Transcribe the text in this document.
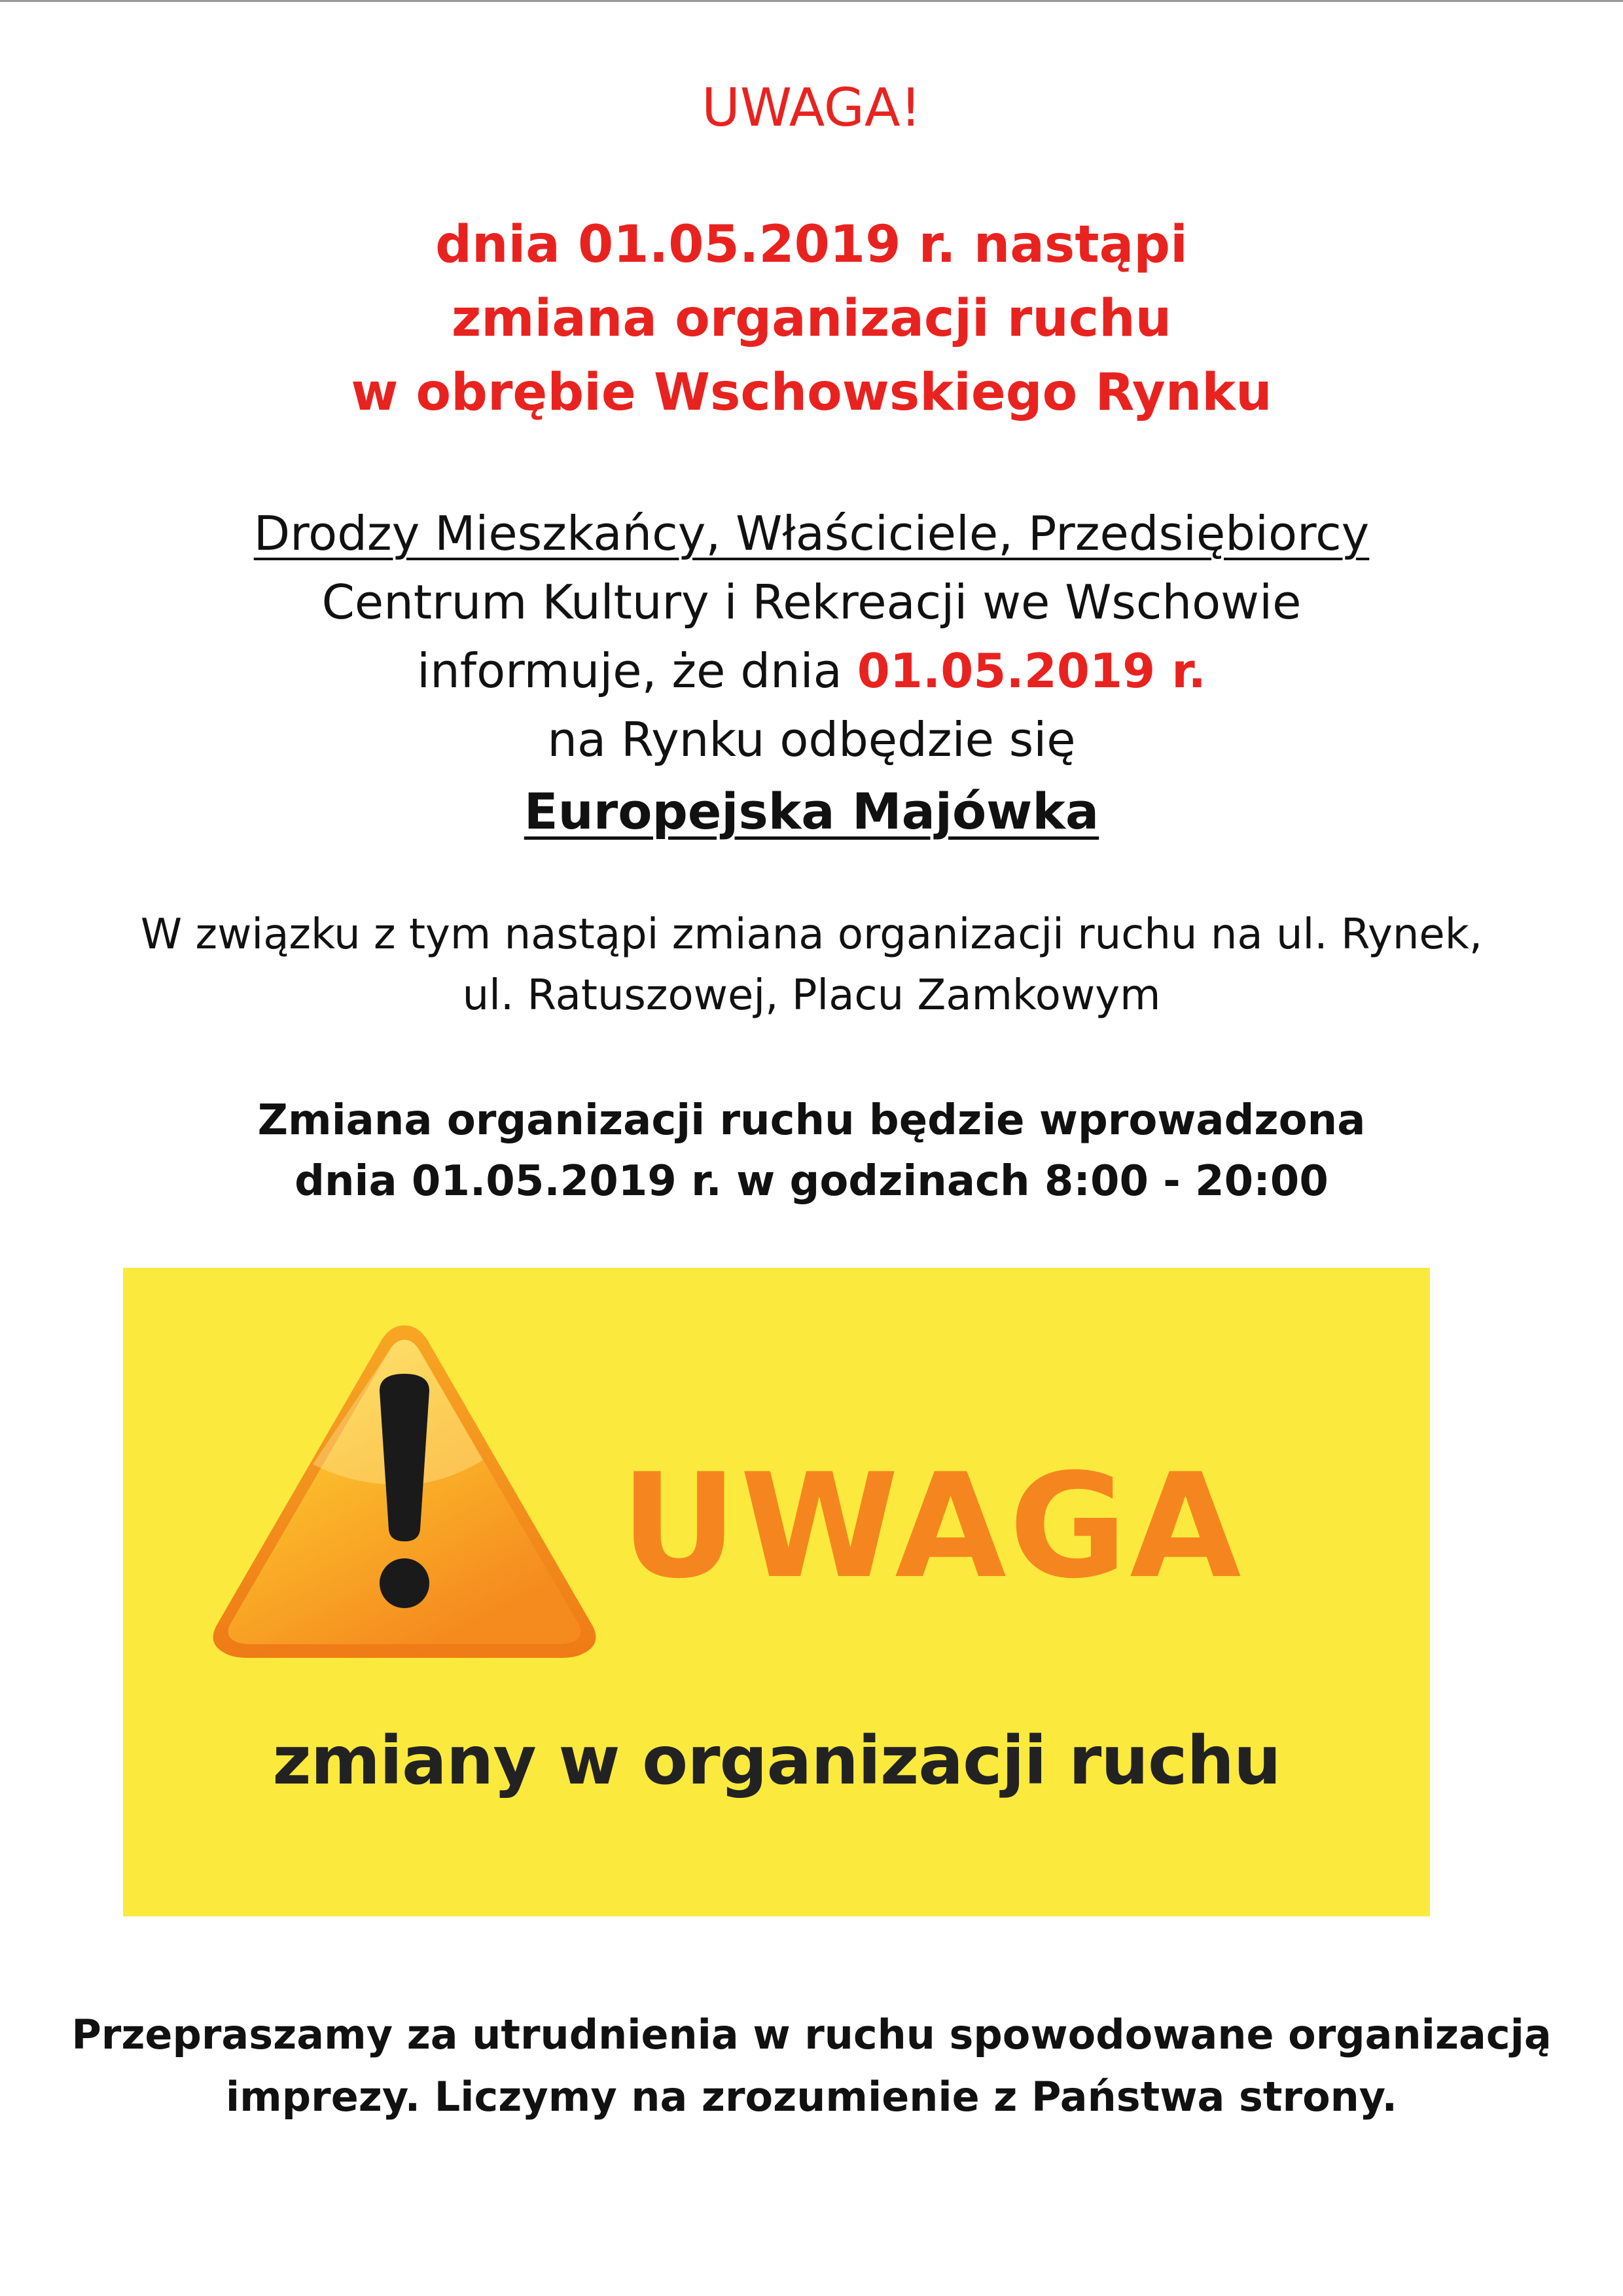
UWAGA!
dnia 01.05.2019 r. nastąpi
zmiana organizacji ruchu
w obrębie Wschowskiego Rynku
Drodzy Mieszkańcy, Właściciele, Przedsiębiorcy
Centrum Kultury i Rekreacji we Wschowie
informuje, że dnia 01.05.2019 r.
na Rynku odbędzie się
Europejska Majówka
W związku z tym nastąpi zmiana organizacji ruchu na ul. Rynek,
ul. Ratuszowej, Placu Zamkowym
Zmiana organizacji ruchu będzie wprowadzona
dnia 01.05.2019 r. w godzinach 8:00 - 20:00
UWAGA
zmiany w organizacji ruchu
Przepraszamy za utrudnienia w ruchu spowodowane organizacją
imprezy. Liczymy na zrozumienie z Państwa strony.
